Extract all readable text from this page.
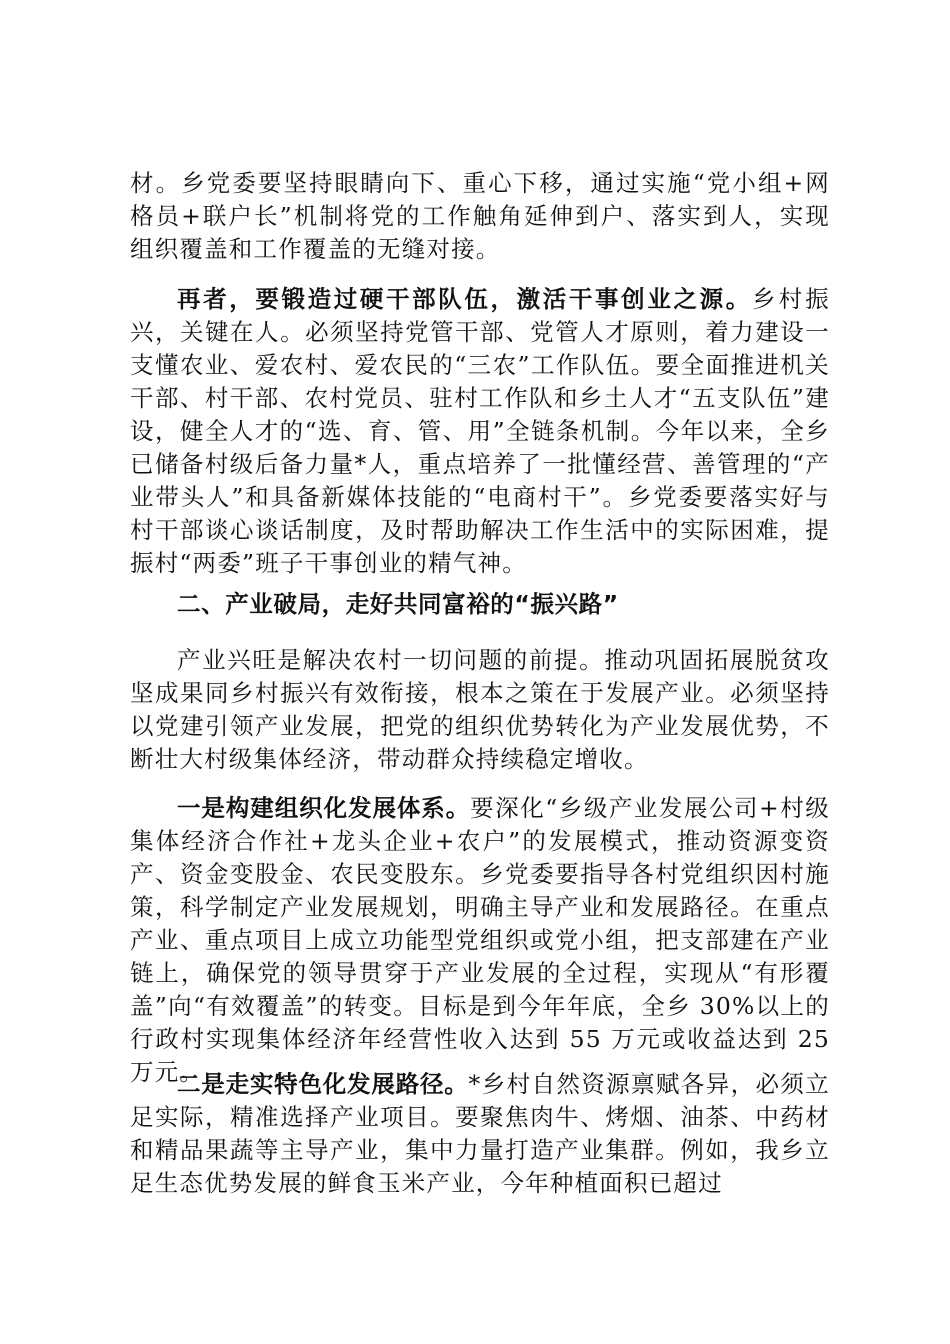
材。乡党委要坚持眼睛向下、重心下移，通过实施“党小组+网格员+联户长”机制将党的工作触角延伸到户、落实到人，实现组织覆盖和工作覆盖的无缝对接。

再者，要锻造过硬干部队伍，激活干事创业之源。乡村振兴，关键在人。必须坚持党管干部、党管人才原则，着力建设一支懂农业、爱农村、爱农民的“三农”工作队伍。要全面推进机关干部、村干部、农村党员、驻村工作队和乡土人才“五支队伍”建设，健全人才的“选、育、管、用”全链条机制。今年以来，全乡已储备村级后备力量*人，重点培养了一批懂经营、善管理的“产业带头人”和具备新媒体技能的“电商村干”。乡党委要落实好与村干部谈心谈话制度，及时帮助解决工作生活中的实际困难，提振村“两委”班子干事创业的精气神。

二、产业破局，走好共同富裕的“振兴路”

产业兴旺是解决农村一切问题的前提。推动巩固拓展脱贫攻坚成果同乡村振兴有效衔接，根本之策在于发展产业。必须坚持以党建引领产业发展，把党的组织优势转化为产业发展优势，不断壮大村级集体经济，带动群众持续稳定增收。

一是构建组织化发展体系。要深化“乡级产业发展公司+村级集体经济合作社+龙头企业+农户”的发展模式，推动资源变资产、资金变股金、农民变股东。乡党委要指导各村党组织因村施策，科学制定产业发展规划，明确主导产业和发展路径。在重点产业、重点项目上成立功能型党组织或党小组，把支部建在产业链上，确保党的领导贯穿于产业发展的全过程，实现从“有形覆盖”向“有效覆盖”的转变。目标是到今年年底，全乡 30%以上的行政村实现集体经济年经营性收入达到 55 万元或收益达到 25 万元。

二是走实特色化发展路径。*乡村自然资源禀赋各异，必须立足实际，精准选择产业项目。要聚焦肉牛、烤烟、油茶、中药材和精品果蔬等主导产业，集中力量打造产业集群。例如，我乡立足生态优势发展的鲜食玉米产业，今年种植面积已超过
